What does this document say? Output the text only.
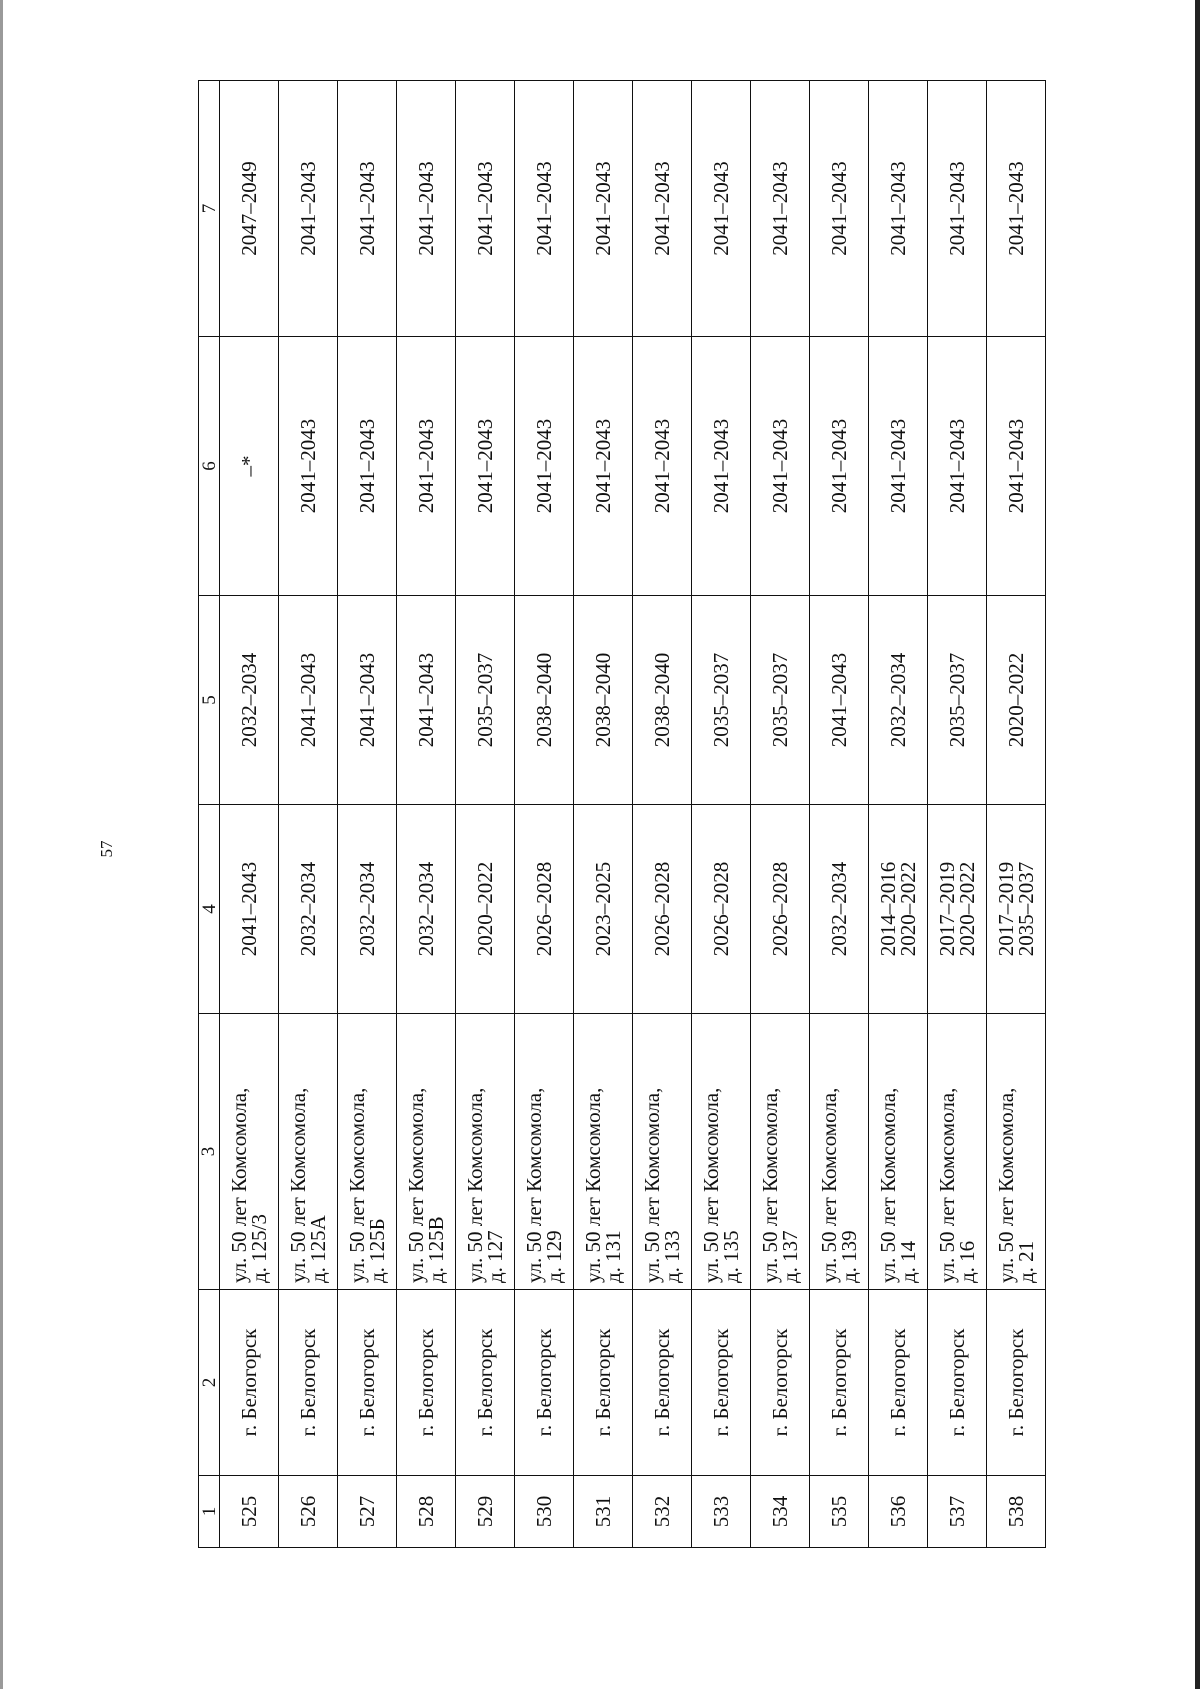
57
1	2	3	4	5	6	7
525	г. Белогорск	ул. 50 лет Комсомола,
д. 125/3	2041–2043	2032–2034	–*	2047–2049
526	г. Белогорск	ул. 50 лет Комсомола,
д. 125А	2032–2034	2041–2043	2041–2043	2041–2043
527	г. Белогорск	ул. 50 лет Комсомола,
д. 125Б	2032–2034	2041–2043	2041–2043	2041–2043
528	г. Белогорск	ул. 50 лет Комсомола,
д. 125В	2032–2034	2041–2043	2041–2043	2041–2043
529	г. Белогорск	ул. 50 лет Комсомола,
д. 127	2020–2022	2035–2037	2041–2043	2041–2043
530	г. Белогорск	ул. 50 лет Комсомола,
д. 129	2026–2028	2038–2040	2041–2043	2041–2043
531	г. Белогорск	ул. 50 лет Комсомола,
д. 131	2023–2025	2038–2040	2041–2043	2041–2043
532	г. Белогорск	ул. 50 лет Комсомола,
д. 133	2026–2028	2038–2040	2041–2043	2041–2043
533	г. Белогорск	ул. 50 лет Комсомола,
д. 135	2026–2028	2035–2037	2041–2043	2041–2043
534	г. Белогорск	ул. 50 лет Комсомола,
д. 137	2026–2028	2035–2037	2041–2043	2041–2043
535	г. Белогорск	ул. 50 лет Комсомола,
д. 139	2032–2034	2041–2043	2041–2043	2041–2043
536	г. Белогорск	ул. 50 лет Комсомола,
д. 14	2014–2016
2020–2022	2032–2034	2041–2043	2041–2043
537	г. Белогорск	ул. 50 лет Комсомола,
д. 16	2017–2019
2020–2022	2035–2037	2041–2043	2041–2043
538	г. Белогорск	ул. 50 лет Комсомола,
д. 21	2017–2019
2035–2037	2020–2022	2041–2043	2041–2043
